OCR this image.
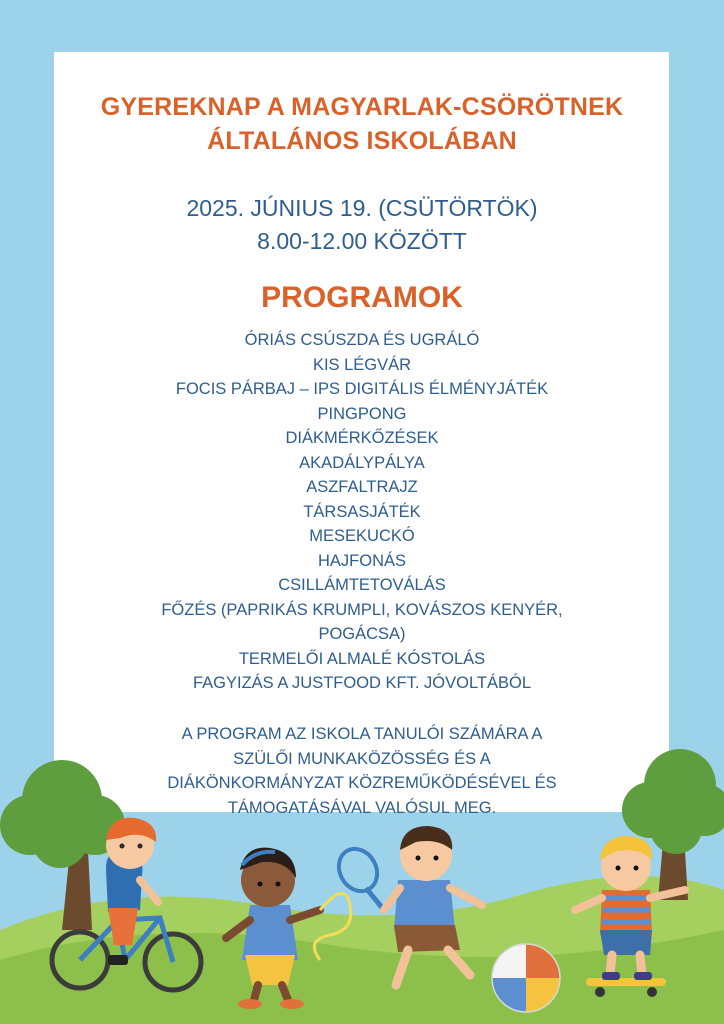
GYEREKNAP A MAGYARLAK-CSÖRÖTNEK
ÁLTALÁNOS ISKOLÁBAN
2025. JÚNIUS 19. (CSÜTÖRTÖK)
8.00-12.00 KÖZÖTT
PROGRAMOK
ÓRIÁS CSÚSZDA ÉS UGRÁLÓ
KIS LÉGVÁR
FOCIS PÁRBAJ – IPS DIGITÁLIS ÉLMÉNYJÁTÉK
PINGPONG
DIÁKMÉRKŐZÉSEK
AKADÁLYPÁLYA
ASZFALTRAJZ
TÁRSASJÁTÉK
MESEKUCKÓ
HAJFONÁS
CSILLÁMTETOVÁLÁS
FŐZÉS (PAPRIKÁS KRUMPLI, KOVÁSZOS KENYÉR,
POGÁCSA)
TERMELŐI ALMALÉ KÓSTOLÁS
FAGYIZÁS A JUSTFOOD KFT. JÓVOLTÁBÓL
A PROGRAM AZ ISKOLA TANULÓI SZÁMÁRA A
SZÜLŐI MUNKAKÖZÖSSÉG ÉS A
DIÁKÖNKORMÁNYZAT KÖZREMŰKÖDÉSÉVEL ÉS
TÁMOGATÁSÁVAL VALÓSUL MEG.
